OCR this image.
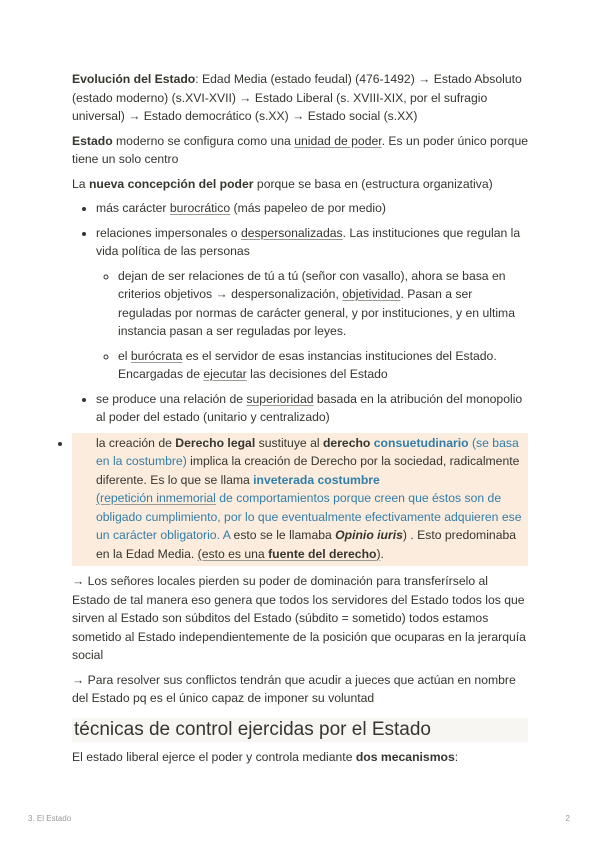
Evolución del Estado: Edad Media (estado feudal) (476-1492) → Estado Absoluto (estado moderno) (s.XVI-XVII) → Estado Liberal (s. XVIII-XIX, por el sufragio universal) → Estado democrático (s.XX) → Estado social (s.XX)

Estado moderno se configura como una unidad de poder. Es un poder único porque tiene un solo centro

La nueva concepción del poder porque se basa en (estructura organizativa)

• más carácter burocrático (más papeleo de por medio)
• relaciones impersonales o despersonalizadas. Las instituciones que regulan la vida política de las personas
◦ dejan de ser relaciones de tú a tú (señor con vasallo), ahora se basa en criterios objetivos → despersonalización, objetividad. Pasan a ser reguladas por normas de carácter general, y por instituciones, y en ultima instancia pasan a ser reguladas por leyes.
◦ el burócrata es el servidor de esas instancias instituciones del Estado. Encargadas de ejecutar las decisiones del Estado
• se produce una relación de superioridad basada en la atribución del monopolio al poder del estado (unitario y centralizado)
• la creación de Derecho legal sustituye al derecho consuetudinario (se basa en la costumbre) implica la creación de Derecho por la sociedad, radicalmente diferente. Es lo que se llama inveterada costumbre
(repetición inmemorial de comportamientos porque creen que éstos son de obligado cumplimiento, por lo que eventualmente efectivamente adquieren ese un carácter obligatorio. A esto se le llamaba Opinio iuris) . Esto predominaba en la Edad Media. (esto es una fuente del derecho).

→ Los señores locales pierden su poder de dominación para transferírselo al Estado de tal manera eso genera que todos los servidores del Estado todos los que sirven al Estado son súbditos del Estado (súbdito = sometido) todos estamos sometido al Estado independientemente de la posición que ocuparas en la jerarquía social

→ Para resolver sus conflictos tendrán que acudir a jueces que actúan en nombre del Estado pq es el único capaz de imponer su voluntad

técnicas de control ejercidas por el Estado

El estado liberal ejerce el poder y controla mediante dos mecanismos:

3. El Estado	2
